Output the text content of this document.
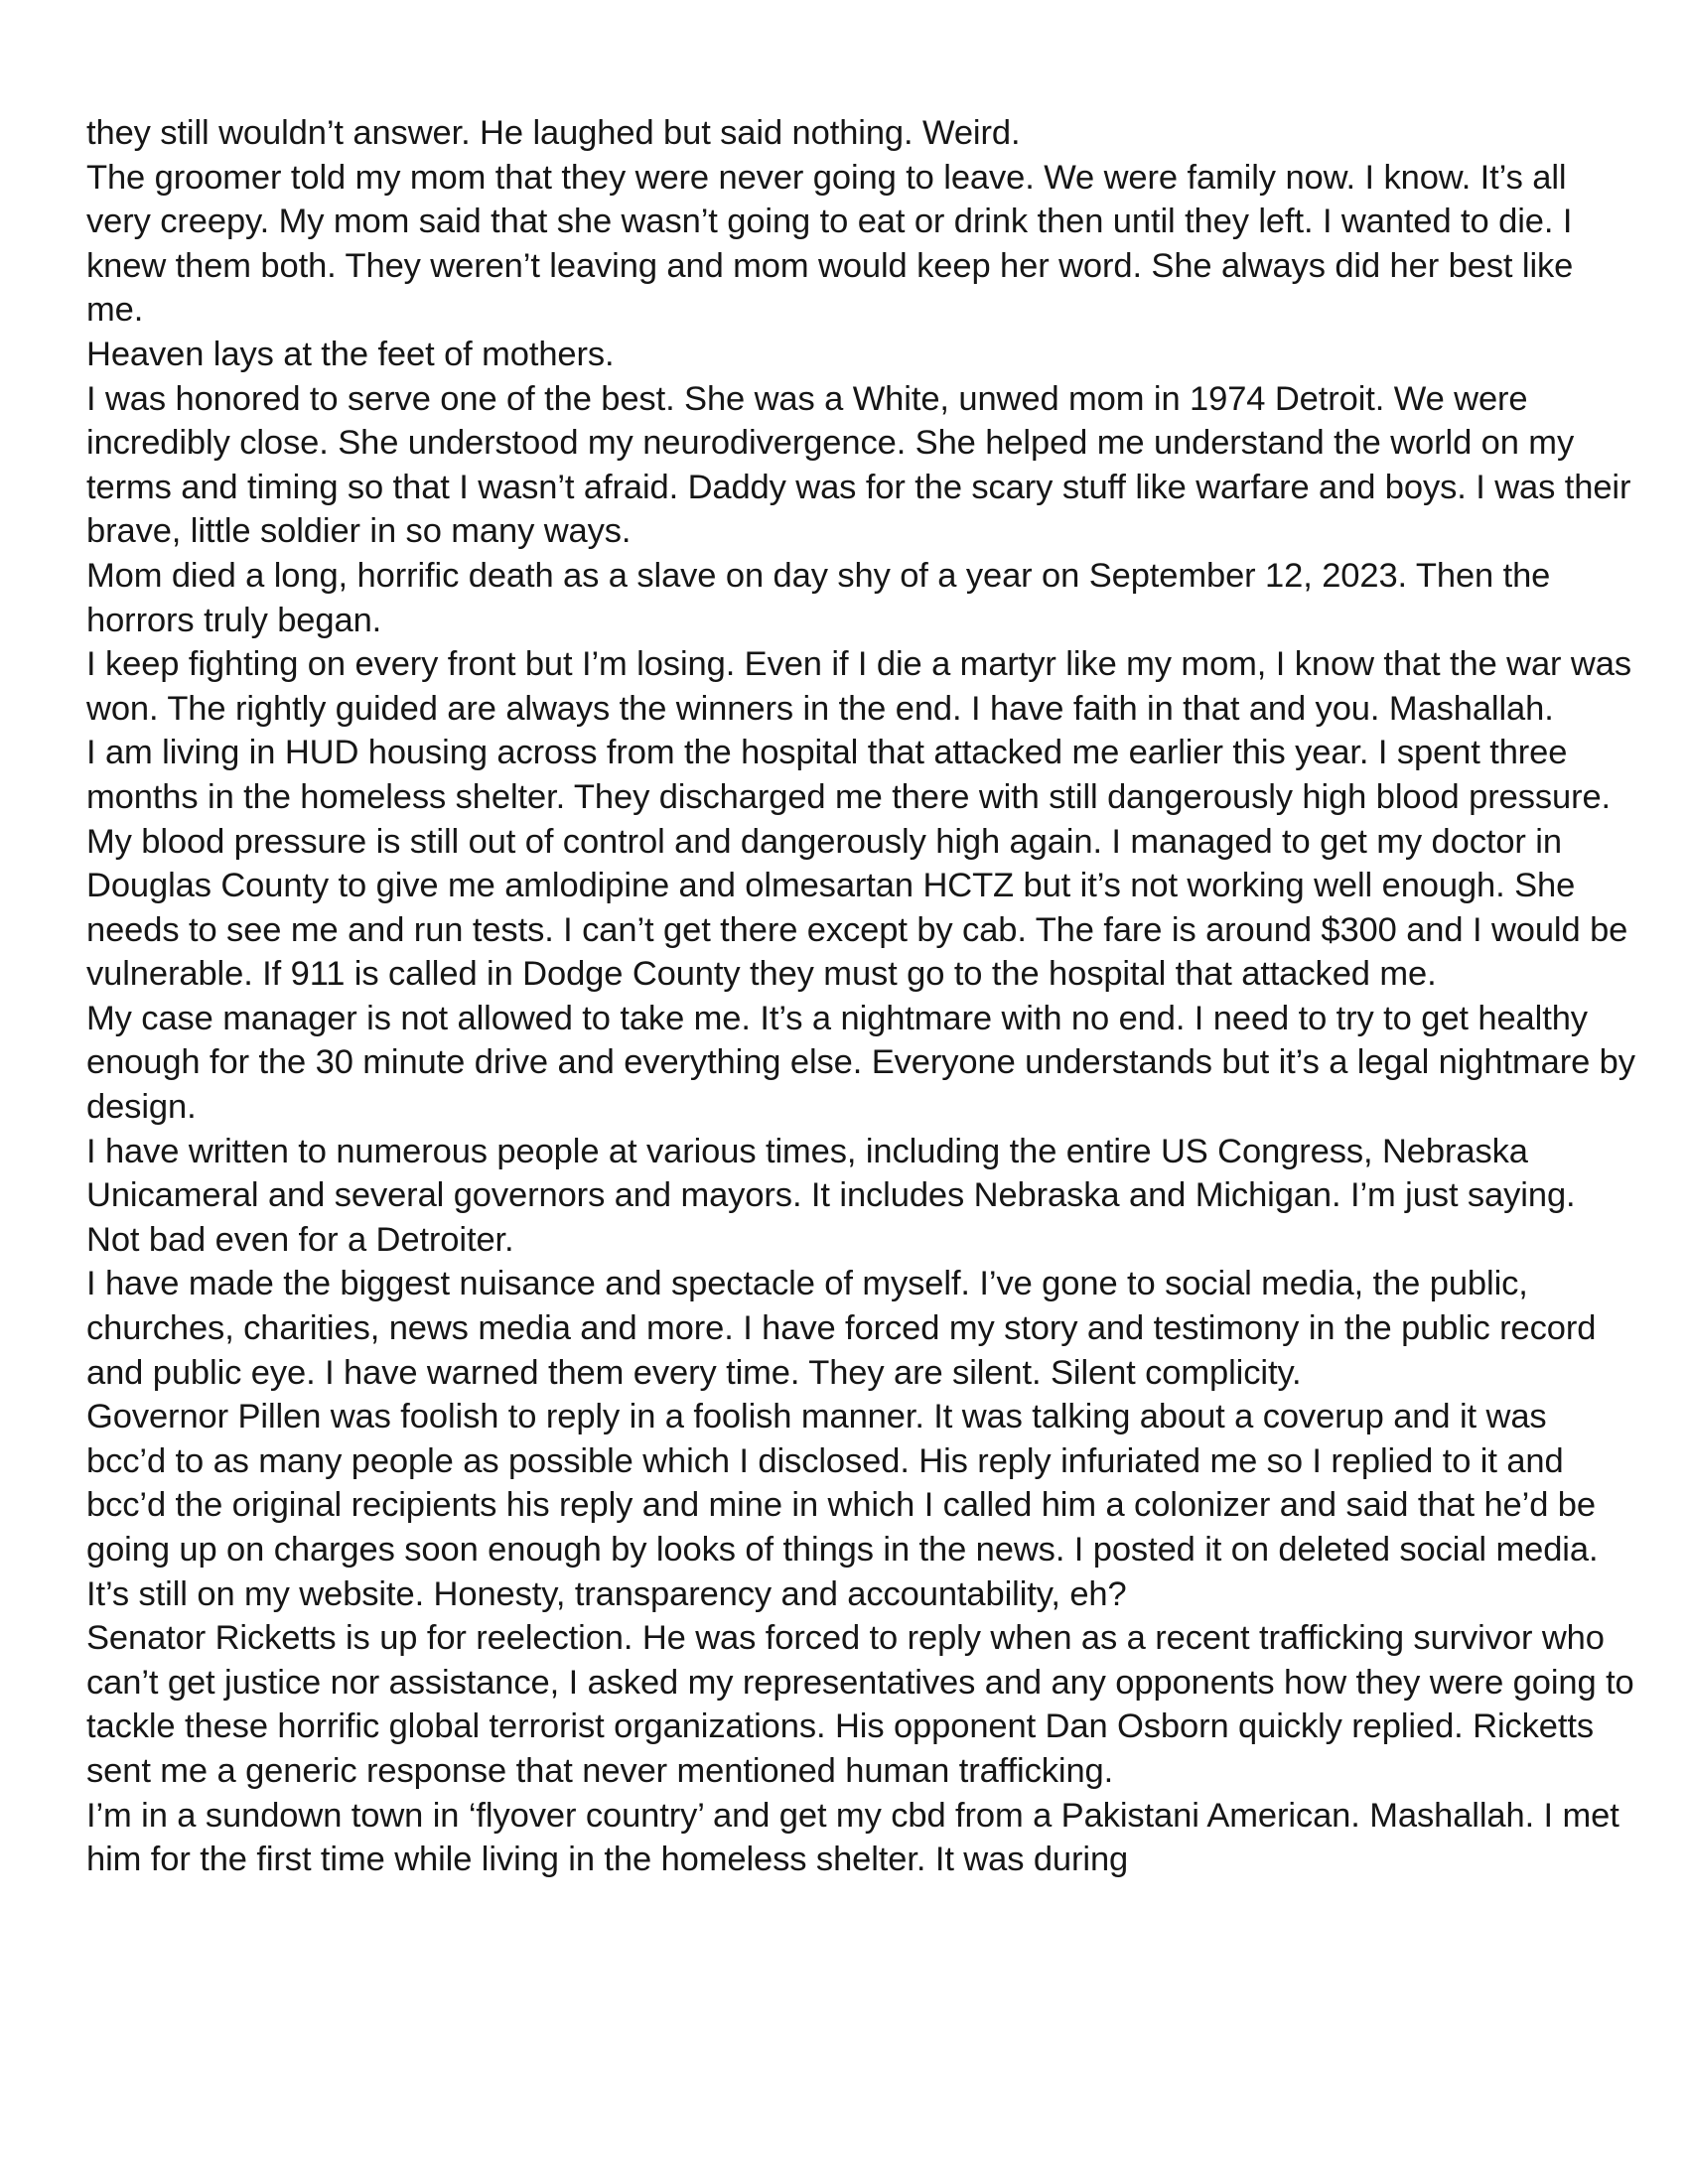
they still wouldn’t answer. He laughed but said nothing. Weird.

The groomer told my mom that they were never going to leave. We were family now. I know. It’s all very creepy. My mom said that she wasn’t going to eat or drink then until they left. I wanted to die. I knew them both. They weren’t leaving and mom would keep her word. She always did her best like me.

Heaven lays at the feet of mothers.

I was honored to serve one of the best. She was a White, unwed mom in 1974 Detroit. We were incredibly close. She understood my neurodivergence. She helped me understand the world on my terms and timing so that I wasn’t afraid. Daddy was for the scary stuff like warfare and boys. I was their brave, little soldier in so many ways.

Mom died a long, horrific death as a slave on day shy of a year on September 12, 2023. Then the horrors truly began.

I keep fighting on every front but I’m losing. Even if I die a martyr like my mom, I know that the war was won. The rightly guided are always the winners in the end. I have faith in that and you. Mashallah.

I am living in HUD housing across from the hospital that attacked me earlier this year. I spent three months in the homeless shelter. They discharged me there with still dangerously high blood pressure. My blood pressure is still out of control and dangerously high again. I managed to get my doctor in Douglas County to give me amlodipine and olmesartan HCTZ but it’s not working well enough. She needs to see me and run tests. I can’t get there except by cab. The fare is around $300 and I would be vulnerable. If 911 is called in Dodge County they must go to the hospital that attacked me.

My case manager is not allowed to take me. It’s a nightmare with no end. I need to try to get healthy enough for the 30 minute drive and everything else. Everyone understands but it’s a legal nightmare by design.

I have written to numerous people at various times, including the entire US Congress, Nebraska Unicameral and several governors and mayors. It includes Nebraska and Michigan. I’m just saying. Not bad even for a Detroiter.

I have made the biggest nuisance and spectacle of myself. I’ve gone to social media, the public, churches, charities, news media and more. I have forced my story and testimony in the public record and public eye. I have warned them every time. They are silent. Silent complicity.

Governor Pillen was foolish to reply in a foolish manner. It was talking about a coverup and it was bcc’d to as many people as possible which I disclosed. His reply infuriated me so I replied to it and bcc’d the original recipients his reply and mine in which I called him a colonizer and said that he’d be going up on charges soon enough by looks of things in the news. I posted it on deleted social media. It’s still on my website. Honesty, transparency and accountability, eh?

Senator Ricketts is up for reelection. He was forced to reply when as a recent trafficking survivor who can’t get justice nor assistance, I asked my representatives and any opponents how they were going to tackle these horrific global terrorist organizations. His opponent Dan Osborn quickly replied. Ricketts sent me a generic response that never mentioned human trafficking.

I’m in a sundown town in ‘flyover country’ and get my cbd from a Pakistani American. Mashallah. I met him for the first time while living in the homeless shelter. It was during
